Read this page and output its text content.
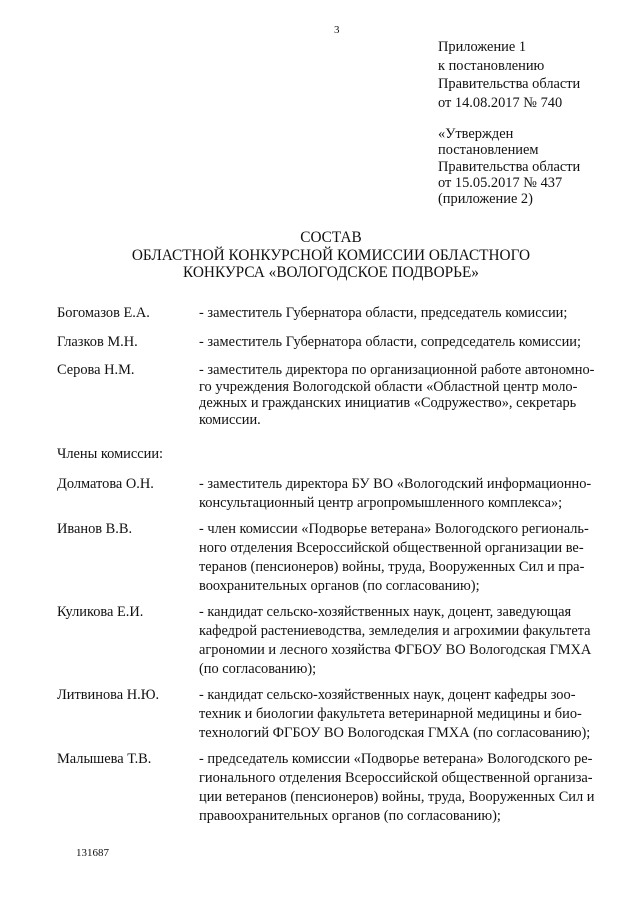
3
Приложение 1
к постановлению
Правительства области
от 14.08.2017 № 740
«Утвержден
постановлением
Правительства области
от 15.05.2017 № 437
(приложение 2)
СОСТАВ
ОБЛАСТНОЙ КОНКУРСНОЙ КОМИССИИ ОБЛАСТНОГО
КОНКУРСА «ВОЛОГОДСКОЕ ПОДВОРЬЕ»
Богомазов Е.А.	- заместитель Губернатора области, председатель комиссии;
Глазков М.Н.	- заместитель Губернатора области, сопредседатель комиссии;
Серова Н.М.	- заместитель директора по организационной работе автономно-
го учреждения Вологодской области «Областной центр моло-
дежных и гражданских инициатив «Содружество», секретарь
комиссии.
Члены комиссии:
Долматова О.Н.	- заместитель директора БУ ВО «Вологодский информационно-
консультационный центр агропромышленного комплекса»;
Иванов В.В.	- член комиссии «Подворье ветерана» Вологодского региональ-
ного отделения Всероссийской общественной организации ве-
теранов (пенсионеров) войны, труда, Вооруженных Сил и пра-
воохранительных органов (по согласованию);
Куликова Е.И.	- кандидат сельско-хозяйственных наук, доцент, заведующая
кафедрой растениеводства, земледелия и агрохимии факультета
агрономии и лесного хозяйства ФГБОУ ВО Вологодская ГМХА
(по согласованию);
Литвинова Н.Ю.	- кандидат сельско-хозяйственных наук, доцент кафедры зоо-
техник и биологии факультета ветеринарной медицины и био-
технологий ФГБОУ ВО Вологодская ГМХА (по согласованию);
Малышева Т.В.	- председатель комиссии «Подворье ветерана» Вологодского ре-
гионального отделения Всероссийской общественной организа-
ции ветеранов (пенсионеров) войны, труда, Вооруженных Сил и
правоохранительных органов (по согласованию);
131687
